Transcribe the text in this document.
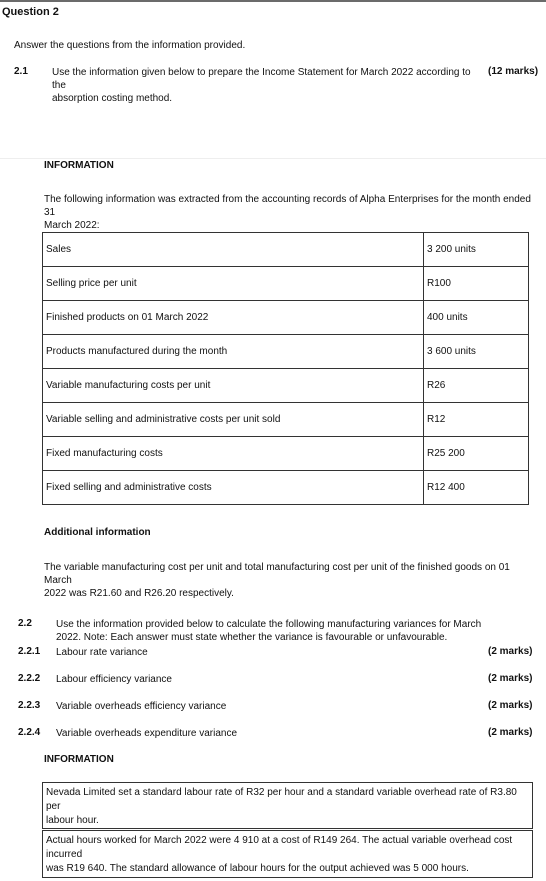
Question 2
Answer the questions from the information provided.
2.1 Use the information given below to prepare the Income Statement for March 2022 according to the
absorption costing method.
(12 marks)
INFORMATION
The following information was extracted from the accounting records of Alpha Enterprises for the month ended 31
March 2022:
Sales	3 200 units
Selling price per unit	R100
Finished products on 01 March 2022	400 units
Products manufactured during the month	3 600 units
Variable manufacturing costs per unit	R26
Variable selling and administrative costs per unit sold	R12
Fixed manufacturing costs	R25 200
Fixed selling and administrative costs	R12 400
Additional information
The variable manufacturing cost per unit and total manufacturing cost per unit of the finished goods on 01 March
2022 was R21.60 and R26.20 respectively.
2.2 Use the information provided below to calculate the following manufacturing variances for March
2022. Note: Each answer must state whether the variance is favourable or unfavourable.
2.2.1 Labour rate variance	(2 marks)
2.2.2 Labour efficiency variance	(2 marks)
2.2.3 Variable overheads efficiency variance	(2 marks)
2.2.4 Variable overheads expenditure variance	(2 marks)
INFORMATION
Nevada Limited set a standard labour rate of R32 per hour and a standard variable overhead rate of R3.80 per
labour hour.
Actual hours worked for March 2022 were 4 910 at a cost of R149 264. The actual variable overhead cost incurred
was R19 640. The standard allowance of labour hours for the output achieved was 5 000 hours.
